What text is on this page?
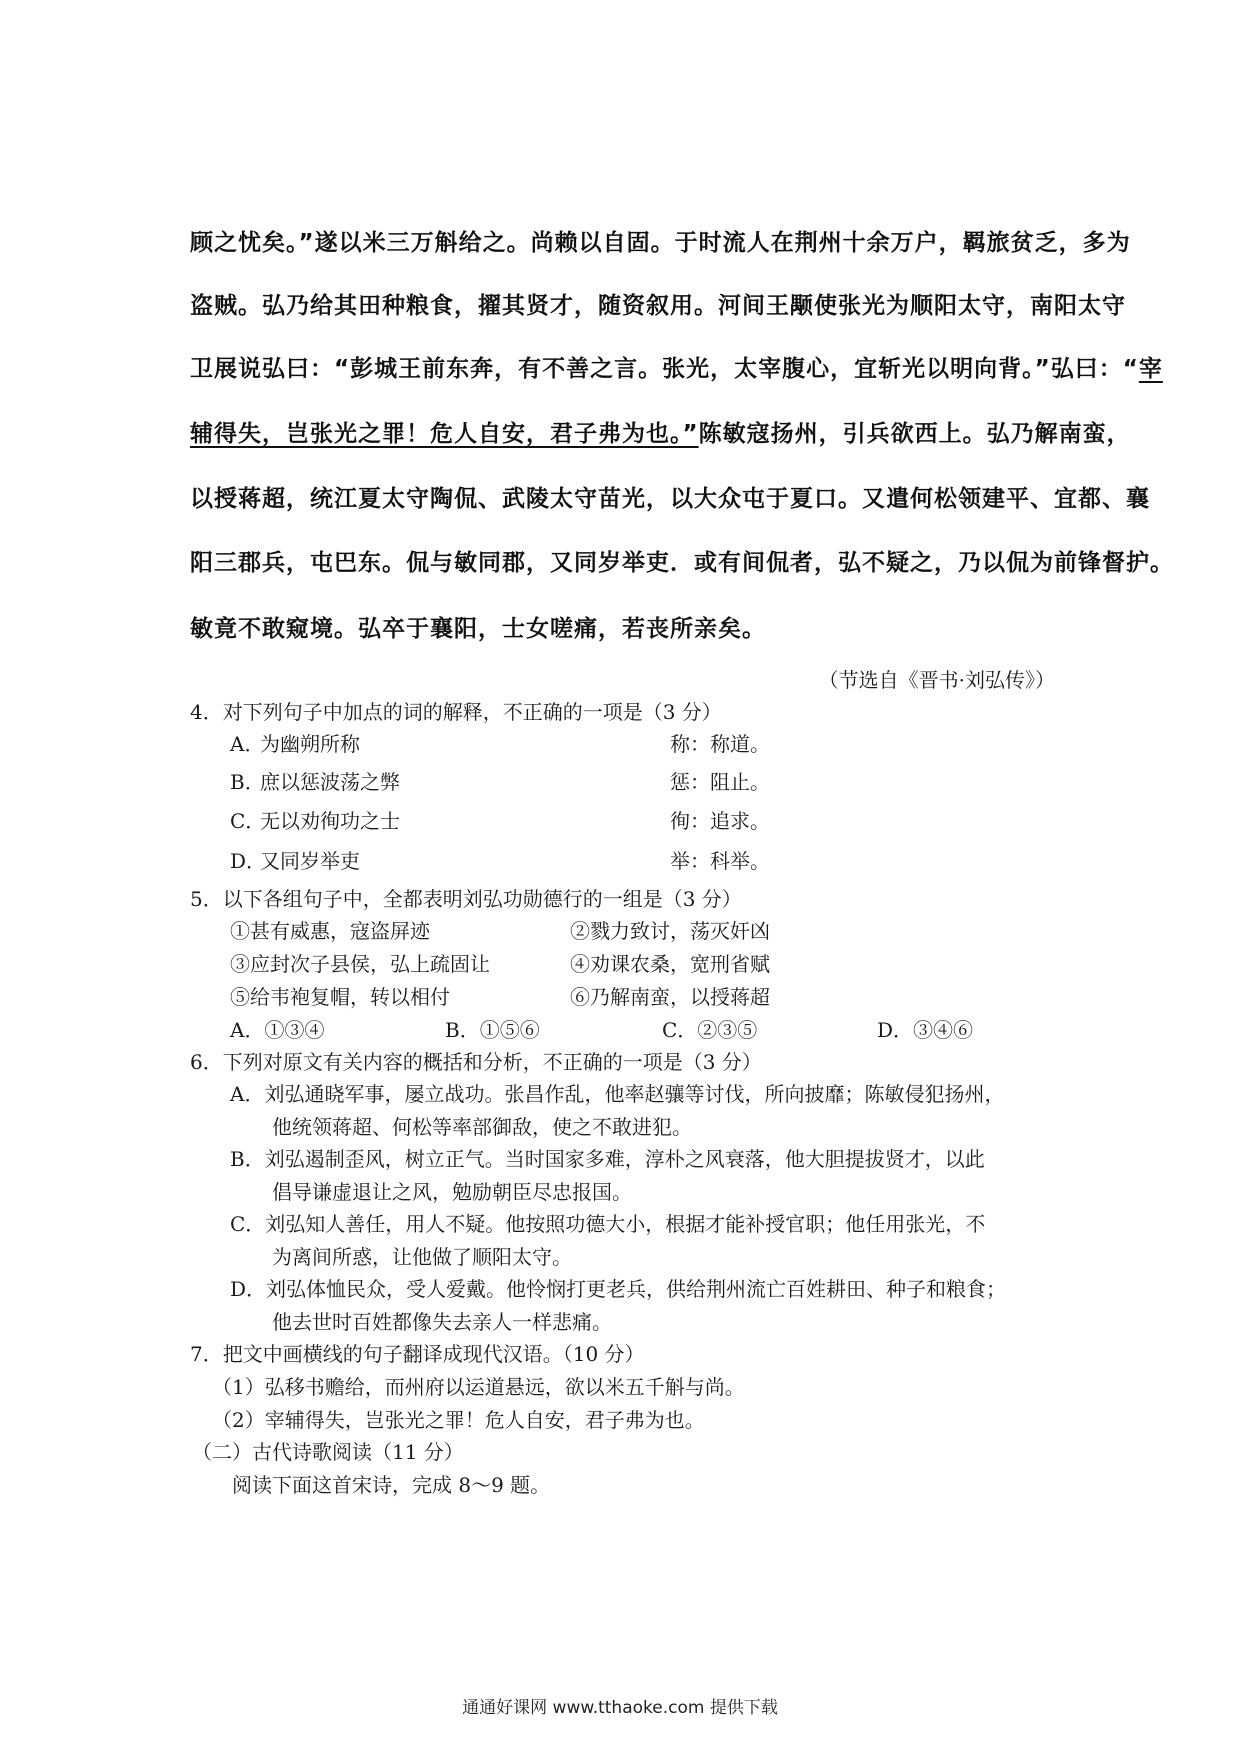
顾之忧矣。”遂以米三万斛给之。尚赖以自固。于时流人在荆州十余万户，羁旅贫乏，多为
盗贼。弘乃给其田种粮食，擢其贤才，随资叙用。河间王颙使张光为顺阳太守，南阳太守
卫展说弘曰：“彭城王前东奔，有不善之言。张光，太宰腹心，宜斩光以明向背。”弘曰：“宰
辅得失，岂张光之罪！危人自安，君子弗为也。”陈敏寇扬州，引兵欲西上。弘乃解南蛮，
以授蒋超，统江夏太守陶侃、武陵太守苗光，以大众屯于夏口。又遣何松领建平、宜都、襄
阳三郡兵，屯巴东。侃与敏同郡，又同岁举吏．或有间侃者，弘不疑之，乃以侃为前锋督护。
敏竟不敢窥境。弘卒于襄阳，士女嗟痛，若丧所亲矣。
（节选自《晋书·刘弘传》）
4．对下列句子中加点的词的解释，不正确的一项是（3 分）
A．为幽朔所称	称：称道。
B．庶以惩波荡之弊	惩：阻止。
C．无以劝徇功之士	徇：追求。
D．又同岁举吏	举：科举。
5．以下各组句子中，全都表明刘弘功勋德行的一组是（3 分）
①甚有威惠，寇盗屏迹	②戮力致讨，荡灭奸凶
③应封次子县侯，弘上疏固让	④劝课农桑，宽刑省赋
⑤给韦袍复帽，转以相付	⑥乃解南蛮，以授蒋超
A．①③④	B．①⑤⑥	C．②③⑤	D．③④⑥
6．下列对原文有关内容的概括和分析，不正确的一项是（3 分）
A．刘弘通晓军事，屡立战功。张昌作乱，他率赵骧等讨伐，所向披靡；陈敏侵犯扬州，
他统领蒋超、何松等率部御敌，使之不敢进犯。
B．刘弘遏制歪风，树立正气。当时国家多难，淳朴之风衰落，他大胆提拔贤才，以此
倡导谦虚退让之风，勉励朝臣尽忠报国。
C．刘弘知人善任，用人不疑。他按照功德大小，根据才能补授官职；他任用张光，不
为离间所惑，让他做了顺阳太守。
D．刘弘体恤民众，受人爱戴。他怜悯打更老兵，供给荆州流亡百姓耕田、种子和粮食；
他去世时百姓都像失去亲人一样悲痛。
7．把文中画横线的句子翻译成现代汉语。（10 分）
（1）弘移书赡给，而州府以运道悬远，欲以米五千斛与尚。
（2）宰辅得失，岂张光之罪！危人自安，君子弗为也。
（二）古代诗歌阅读（11 分）
阅读下面这首宋诗，完成 8～9 题。
通通好课网 www.tthaoke.com 提供下载
